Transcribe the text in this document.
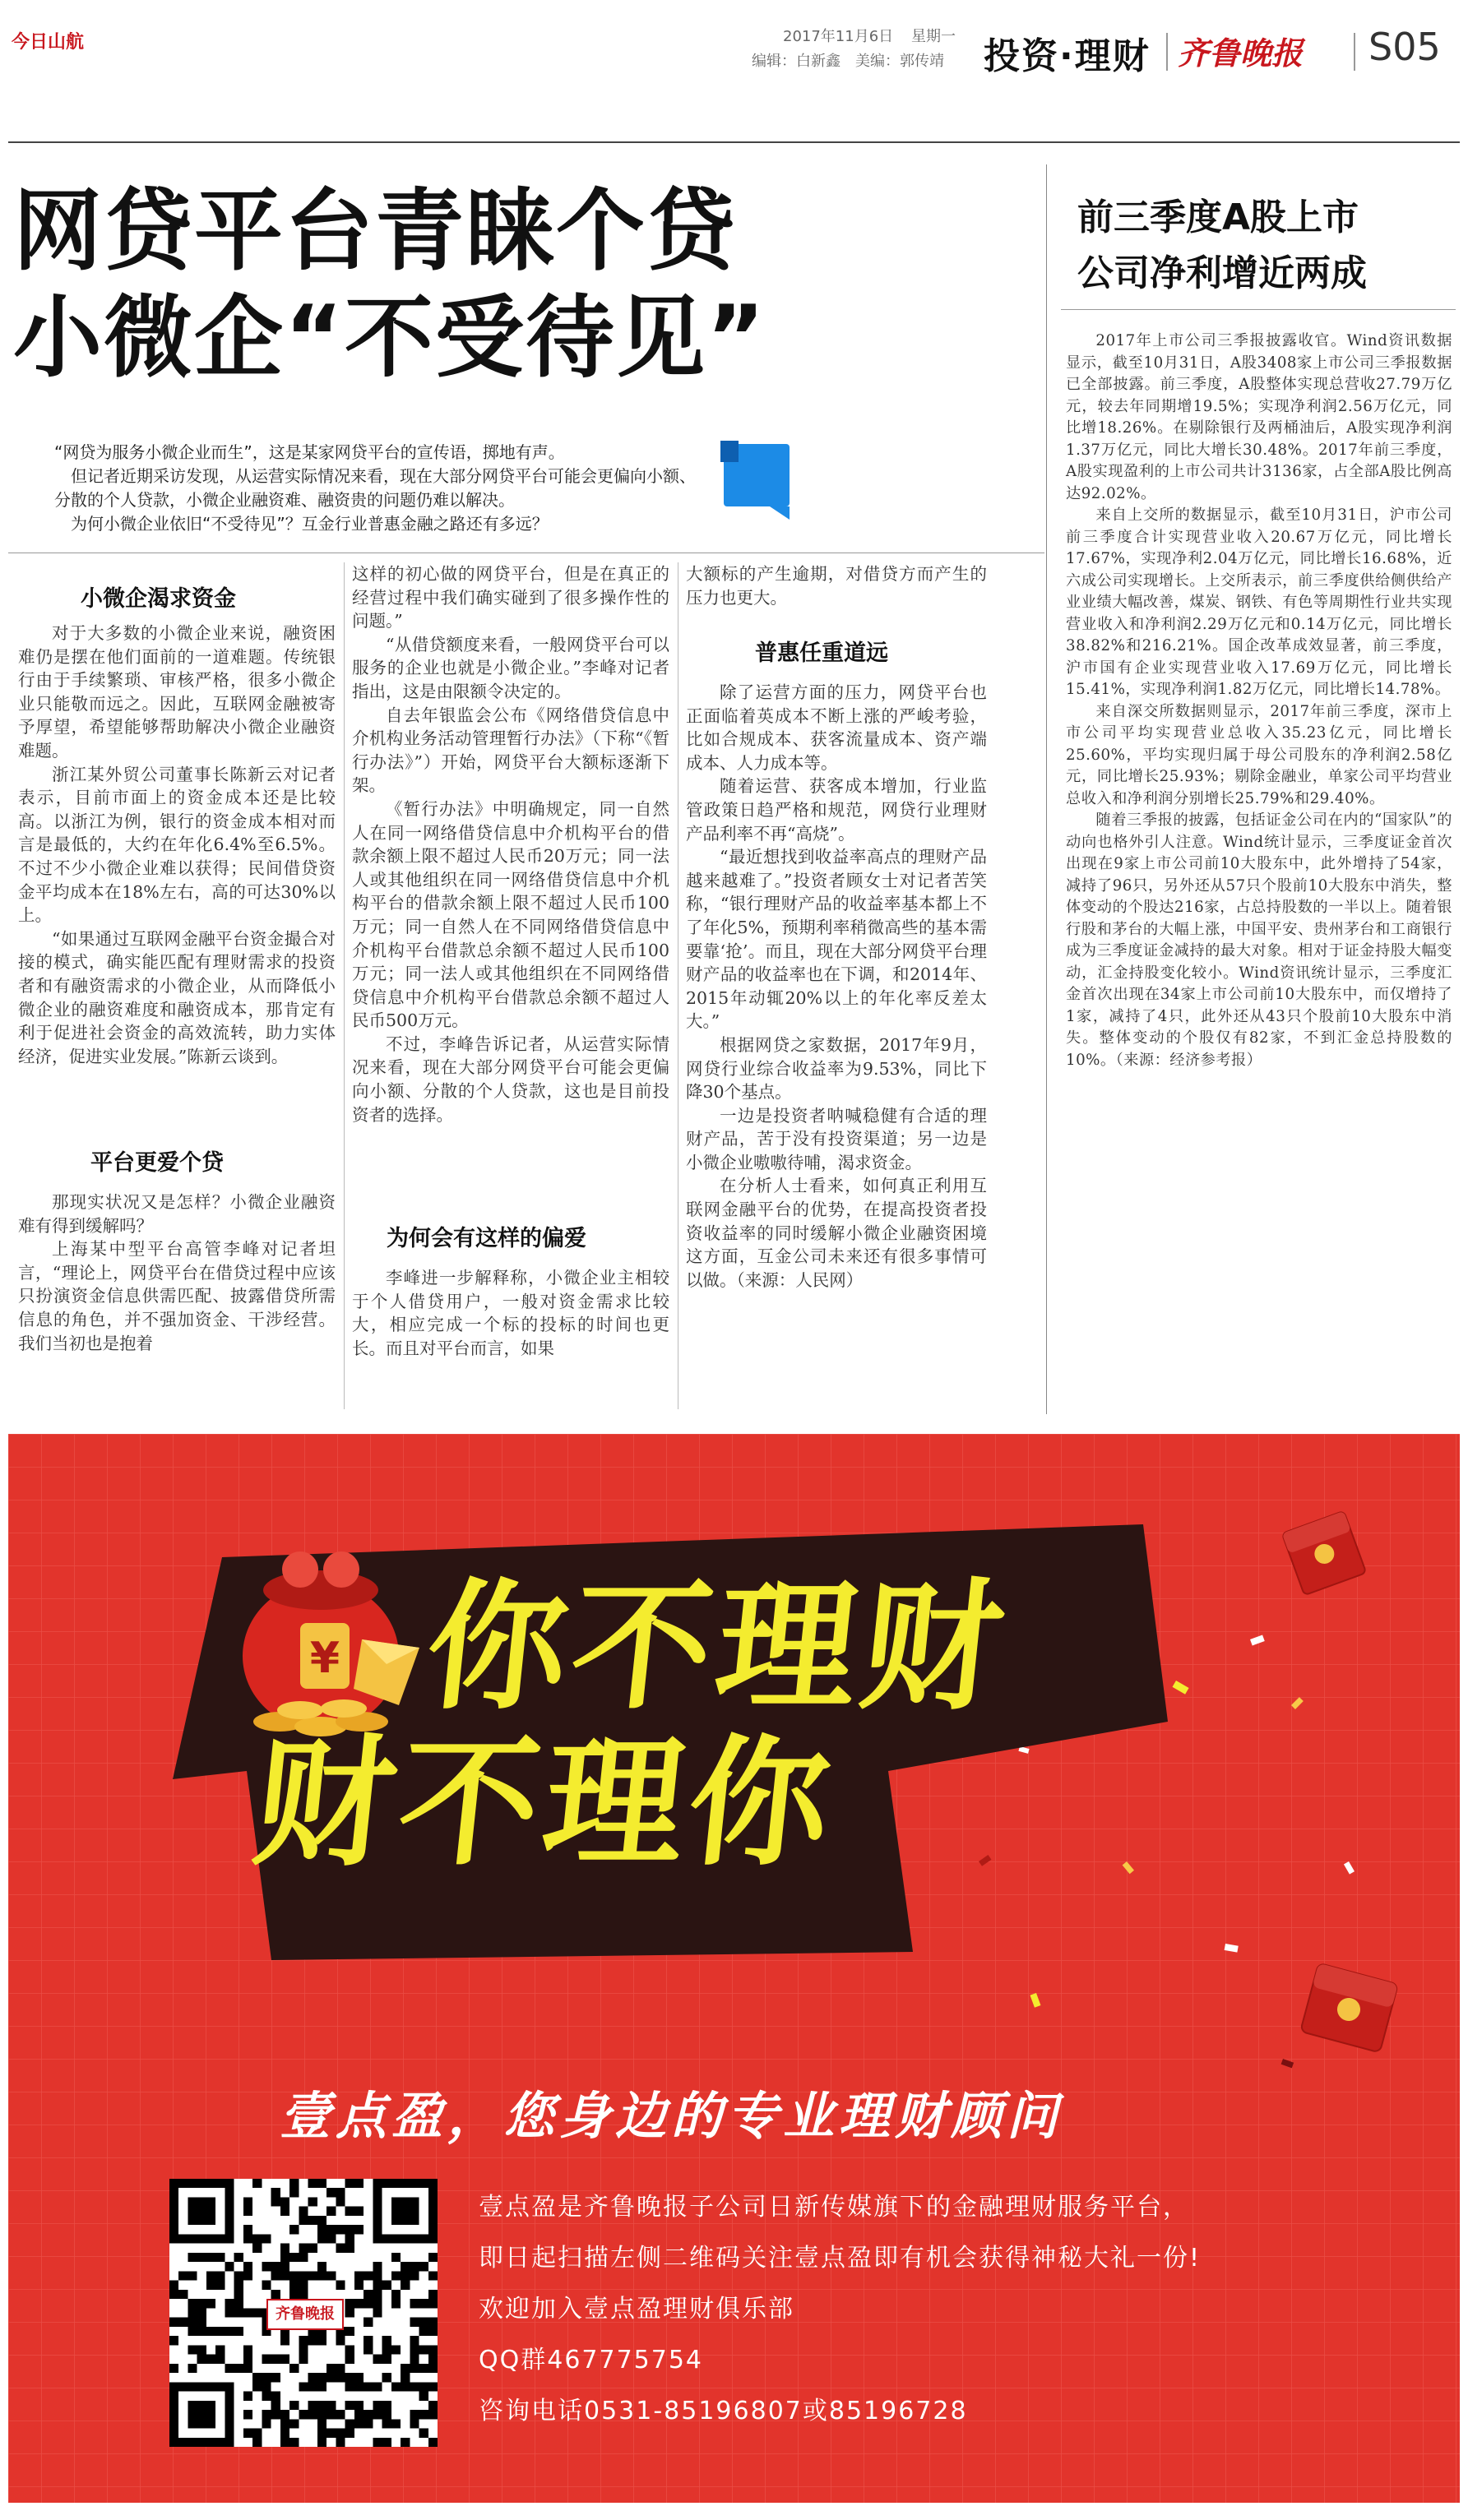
今日山航	2017年11月6日 星期一
编辑：白新鑫　美编：郭传靖 投资·理财 齐鲁晚报 S05
网贷平台青睐个贷
小微企“不受待见”
“网贷为服务小微企业而生”，这是某家网贷平台的宣传语，掷地有声。
但记者近期采访发现，从运营实际情况来看，现在大部分网贷平台可能会更偏向小额、分散的个人贷款，小微企业融资难、融资贵的问题仍难以解决。
为何小微企业依旧“不受待见”？互金行业普惠金融之路还有多远？
小微企渴求资金

对于大多数的小微企业来说，融资困难仍是摆在他们面前的一道难题。传统银行由于手续繁琐、审核严格，很多小微企业只能敬而远之。因此，互联网金融被寄予厚望，希望能够帮助解决小微企业融资难题。

浙江某外贸公司董事长陈新云对记者表示，目前市面上的资金成本还是比较高。以浙江为例，银行的资金成本相对而言是最低的，大约在年化6.4%至6.5%。不过不少小微企业难以获得；民间借贷资金平均成本在18%左右，高的可达30%以上。

“如果通过互联网金融平台资金撮合对接的模式，确实能匹配有理财需求的投资者和有融资需求的小微企业，从而降低小微企业的融资难度和融资成本，那肯定有利于促进社会资金的高效流转，助力实体经济，促进实业发展。”陈新云谈到。

平台更爱个贷

那现实状况又是怎样？小微企业融资难有得到缓解吗？

上海某中型平台高管李峰对记者坦言，“理论上，网贷平台在借贷过程中应该只扮演资金信息供需匹配、披露借贷所需信息的角色，并不强加资金、干涉经营。我们当初也是抱着

这样的初心做的网贷平台，但是在真正的经营过程中我们确实碰到了很多操作性的问题。”

“从借贷额度来看，一般网贷平台可以服务的企业也就是小微企业。”李峰对记者指出，这是由限额令决定的。

自去年银监会公布《网络借贷信息中介机构业务活动管理暂行办法》（下称“《暂行办法》”）开始，网贷平台大额标逐渐下架。

《暂行办法》中明确规定，同一自然人在同一网络借贷信息中介机构平台的借款余额上限不超过人民币20万元；同一法人或其他组织在同一网络借贷信息中介机构平台的借款余额上限不超过人民币100万元；同一自然人在不同网络借贷信息中介机构平台借款总余额不超过人民币100万元；同一法人或其他组织在不同网络借贷信息中介机构平台借款总余额不超过人民币500万元。

不过，李峰告诉记者，从运营实际情况来看，现在大部分网贷平台可能会更偏向小额、分散的个人贷款，这也是目前投资者的选择。

为何会有这样的偏爱

李峰进一步解释称，小微企业主相较于个人借贷用户，一般对资金需求比较大，相应完成一个标的投标的时间也更长。而且对平台而言，如果

大额标的产生逾期，对借贷方而产生的压力也更大。

普惠任重道远

除了运营方面的压力，网贷平台也正面临着英成本不断上涨的严峻考验，比如合规成本、获客流量成本、资产端成本、人力成本等。

随着运营、获客成本增加，行业监管政策日趋严格和规范，网贷行业理财产品利率不再“高烧”。

“最近想找到收益率高点的理财产品越来越难了。”投资者顾女士对记者苦笑称，“银行理财产品的收益率基本都上不了年化5%，预期利率稍微高些的基本需要靠‘抢’。而且，现在大部分网贷平台理财产品的收益率也在下调，和2014年、2015年动辄20%以上的年化率反差太大。”

根据网贷之家数据，2017年9月，网贷行业综合收益率为9.53%，同比下降30个基点。

一边是投资者呐喊稳健有合适的理财产品，苦于没有投资渠道；另一边是小微企业嗷嗷待哺，渴求资金。

在分析人士看来，如何真正利用互联网金融平台的优势，在提高投资者投资收益率的同时缓解小微企业融资困境这方面，互金公司未来还有很多事情可以做。（来源：人民网）

前三季度A股上市
公司净利增近两成

2017年上市公司三季报披露收官。Wind资讯数据显示，截至10月31日，A股3408家上市公司三季报数据已全部披露。前三季度，A股整体实现总营收27.79万亿元，较去年同期增19.5%；实现净利润2.56万亿元，同比增18.26%。在剔除银行及两桶油后，A股实现净利润1.37万亿元，同比大增长30.48%。2017年前三季度，A股实现盈利的上市公司共计3136家，占全部A股比例高达92.02%。

来自上交所的数据显示，截至10月31日，沪市公司前三季度合计实现营业收入20.67万亿元，同比增长17.67%，实现净利2.04万亿元，同比增长16.68%，近六成公司实现增长。上交所表示，前三季度供给侧供给产业业绩大幅改善，煤炭、钢铁、有色等周期性行业共实现营业收入和净利润2.29万亿元和0.14万亿元，同比增长38.82%和216.21%。国企改革成效显著，前三季度，沪市国有企业实现营业收入17.69万亿元，同比增长15.41%，实现净利润1.82万亿元，同比增长14.78%。

来自深交所数据则显示，2017年前三季度，深市上市公司平均实现营业总收入35.23亿元，同比增长25.60%，平均实现归属于母公司股东的净利润2.58亿元，同比增长25.93%；剔除金融业，单家公司平均营业总收入和净利润分别增长25.79%和29.40%。

随着三季报的披露，包括证金公司在内的“国家队”的动向也格外引人注意。Wind统计显示，三季度证金首次出现在9家上市公司前10大股东中，此外增持了54家，减持了96只，另外还从57只个股前10大股东中消失，整体变动的个股达216家，占总持股数的一半以上。随着银行股和茅台的大幅上涨，中国平安、贵州茅台和工商银行成为三季度证金减持的最大对象。相对于证金持股大幅变动，汇金持股变化较小。Wind资讯统计显示，三季度汇金首次出现在34家上市公司前10大股东中，而仅增持了1家，减持了4只，此外还从43只个股前10大股东中消失。整体变动的个股仅有82家，不到汇金总持股数的10%。（来源：经济参考报）

¥ 你不理财
财不理你
壹点盈，您身边的专业理财顾问
齐鲁晚报
壹点盈是齐鲁晚报子公司日新传媒旗下的金融理财服务平台，
即日起扫描左侧二维码关注壹点盈即有机会获得神秘大礼一份!
欢迎加入壹点盈理财俱乐部
QQ群467775754
咨询电话0531-85196807或85196728
